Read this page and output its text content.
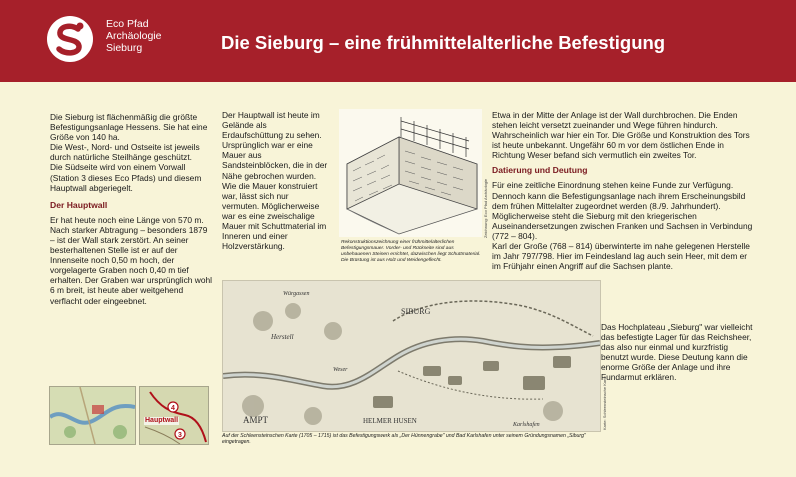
Eco Pfad
Archäologie
Sieburg	Die Sieburg – eine frühmittelalterliche Befestigung

Die Sieburg ist flächenmäßig die größte Befestigungsanlage Hessens. Sie hat eine Größe von 140 ha.

Die West-, Nord- und Ostseite ist jeweils durch natürliche Steilhänge geschützt.

Die Südseite wird von einem Vorwall (Station 3 dieses Eco Pfads) und diesem Hauptwall abgeriegelt.

Der Hauptwall

Er hat heute noch eine Länge von 570 m. Nach starker Abtragung – besonders 1879 – ist der Wall stark zerstört. An seiner besterhaltenen Stelle ist er auf der Innenseite noch 0,50 m hoch, der vorgelagerte Graben noch 0,40 m tief erhalten. Der Graben war ursprünglich wohl 6 m breit, ist heute aber weitgehend verflacht oder eingeebnet.

Der Hauptwall ist heute im Gelände als Erdaufschüttung zu sehen. Ursprünglich war er eine Mauer aus Sandsteinblöcken, die in der Nähe gebrochen wurden. Wie die Mauer konstruiert war, lässt sich nur vermuten. Möglicherweise war es eine zweischalige Mauer mit Schuttmaterial im Inneren und einer Holzverstärkung.	Rekonstruktionszeichnung einer frühmittelalterlichen Befestigungsmauer. Vorder- und Rückseite sind aus unbehauenen Steinen errichtet, dazwischen liegt Schuttmaterial. Die Brüstung ist aus Holz und Weidengeflecht.
Zeichnung: Eco Pfad Archäologie

Etwa in der Mitte der Anlage ist der Wall durchbrochen. Die Enden stehen leicht versetzt zueinander und Wege führen hindurch. Wahrscheinlich war hier ein Tor. Die Größe und Konstruktion des Tors ist heute unbekannt. Ungefähr 60 m vor dem östlichen Ende in Richtung Weser befand sich vermutlich ein zweites Tor.

Datierung und Deutung

Für eine zeitliche Einordnung stehen keine Funde zur Verfügung. Dennoch kann die Befestigungsanlage nach ihrem Erscheinungsbild dem frühen Mittelalter zugeordnet werden (8./9. Jahrhundert). Möglicherweise steht die Sieburg mit den kriegerischen Auseinandersetzungen zwischen Franken und Sachsen in Verbindung (772 – 804).

Karl der Große (768 – 814) überwinterte im nahe gelegenen Herstelle im Jahr 797/798. Hier im Feindesland lag auch sein Heer, mit dem er im Frühjahr einen Angriff auf die Sachsen plante.

Das Hochplateau „Sieburg" war vielleicht das befestigte Lager für das Reichsheer, das also nur einmal und kurzfristig benutzt wurde. Diese Deutung kann die enorme Größe der Anlage und ihre Fundarmut erklären.

SIBURG
Herstell
Würgassen
AMPT	HELMER HUSEN	Karlshafen
Weser
Karte: Schleensteinsche Karte
Auf der Schleensteinschen Karte (1705 – 1715) ist das Befestigungswerk als „Der Hünnengrabe" und Bad Karlshafen unter seinem Gründungsnamen „Siburg" eingetragen.
4
3
Hauptwall
